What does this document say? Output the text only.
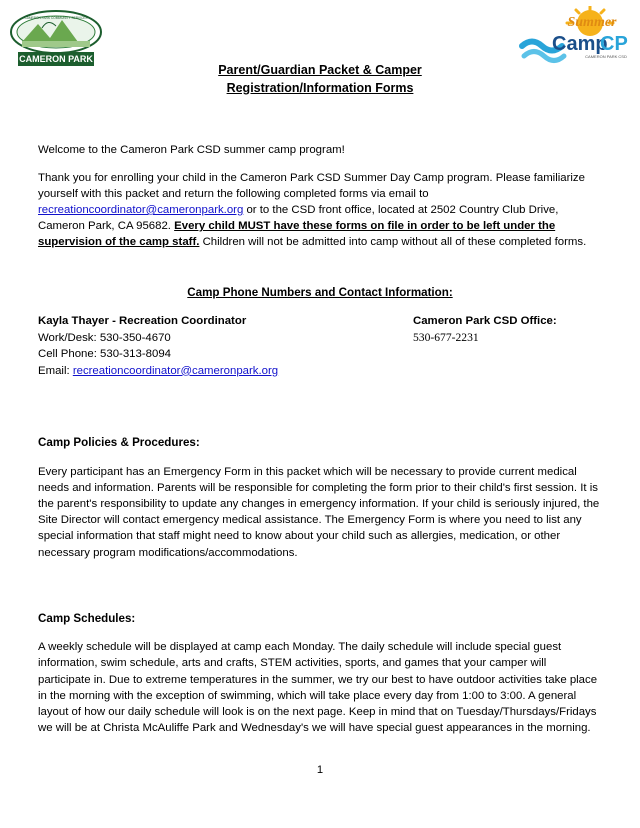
CAMERON PARK COMMUNITY SERVICES
CAMERON PARK
Summer
Camp
CP
CAMERON PARK CSD
Parent/Guardian Packet & Camper
Registration/Information Forms

Welcome to the Cameron Park CSD summer camp program!

Thank you for enrolling your child in the Cameron Park CSD Summer Day Camp program. Please familiarize yourself with this packet and return the following completed forms via email to recreationcoordinator@cameronpark.org or to the CSD front office, located at 2502 Country Club Drive, Cameron Park, CA 95682. Every child MUST have these forms on file in order to be left under the supervision of the camp staff. Children will not be admitted into camp without all of these completed forms.

Camp Phone Numbers and Contact Information:
Kayla Thayer - Recreation Coordinator
Work/Desk: 530-350-4670
Cell Phone: 530-313-8094
Email: recreationcoordinator@cameronpark.org
Cameron Park CSD Office:
530-677-2231
Camp Policies & Procedures:

Every participant has an Emergency Form in this packet which will be necessary to provide current medical needs and information. Parents will be responsible for completing the form prior to their child's first session. It is the parent's responsibility to update any changes in emergency information. If your child is seriously injured, the Site Director will contact emergency medical assistance. The Emergency Form is where you need to list any special information that staff might need to know about your child such as allergies, medication, or other necessary program modifications/accommodations.

Camp Schedules:

A weekly schedule will be displayed at camp each Monday. The daily schedule will include special guest information, swim schedule, arts and crafts, STEM activities, sports, and games that your camper will participate in. Due to extreme temperatures in the summer, we try our best to have outdoor activities take place in the morning with the exception of swimming, which will take place every day from 1:00 to 3:00. A general layout of how our daily schedule will look is on the next page. Keep in mind that on Tuesday/Thursdays/Fridays we will be at Christa McAuliffe Park and Wednesday's we will have special guest appearances in the morning.

1
